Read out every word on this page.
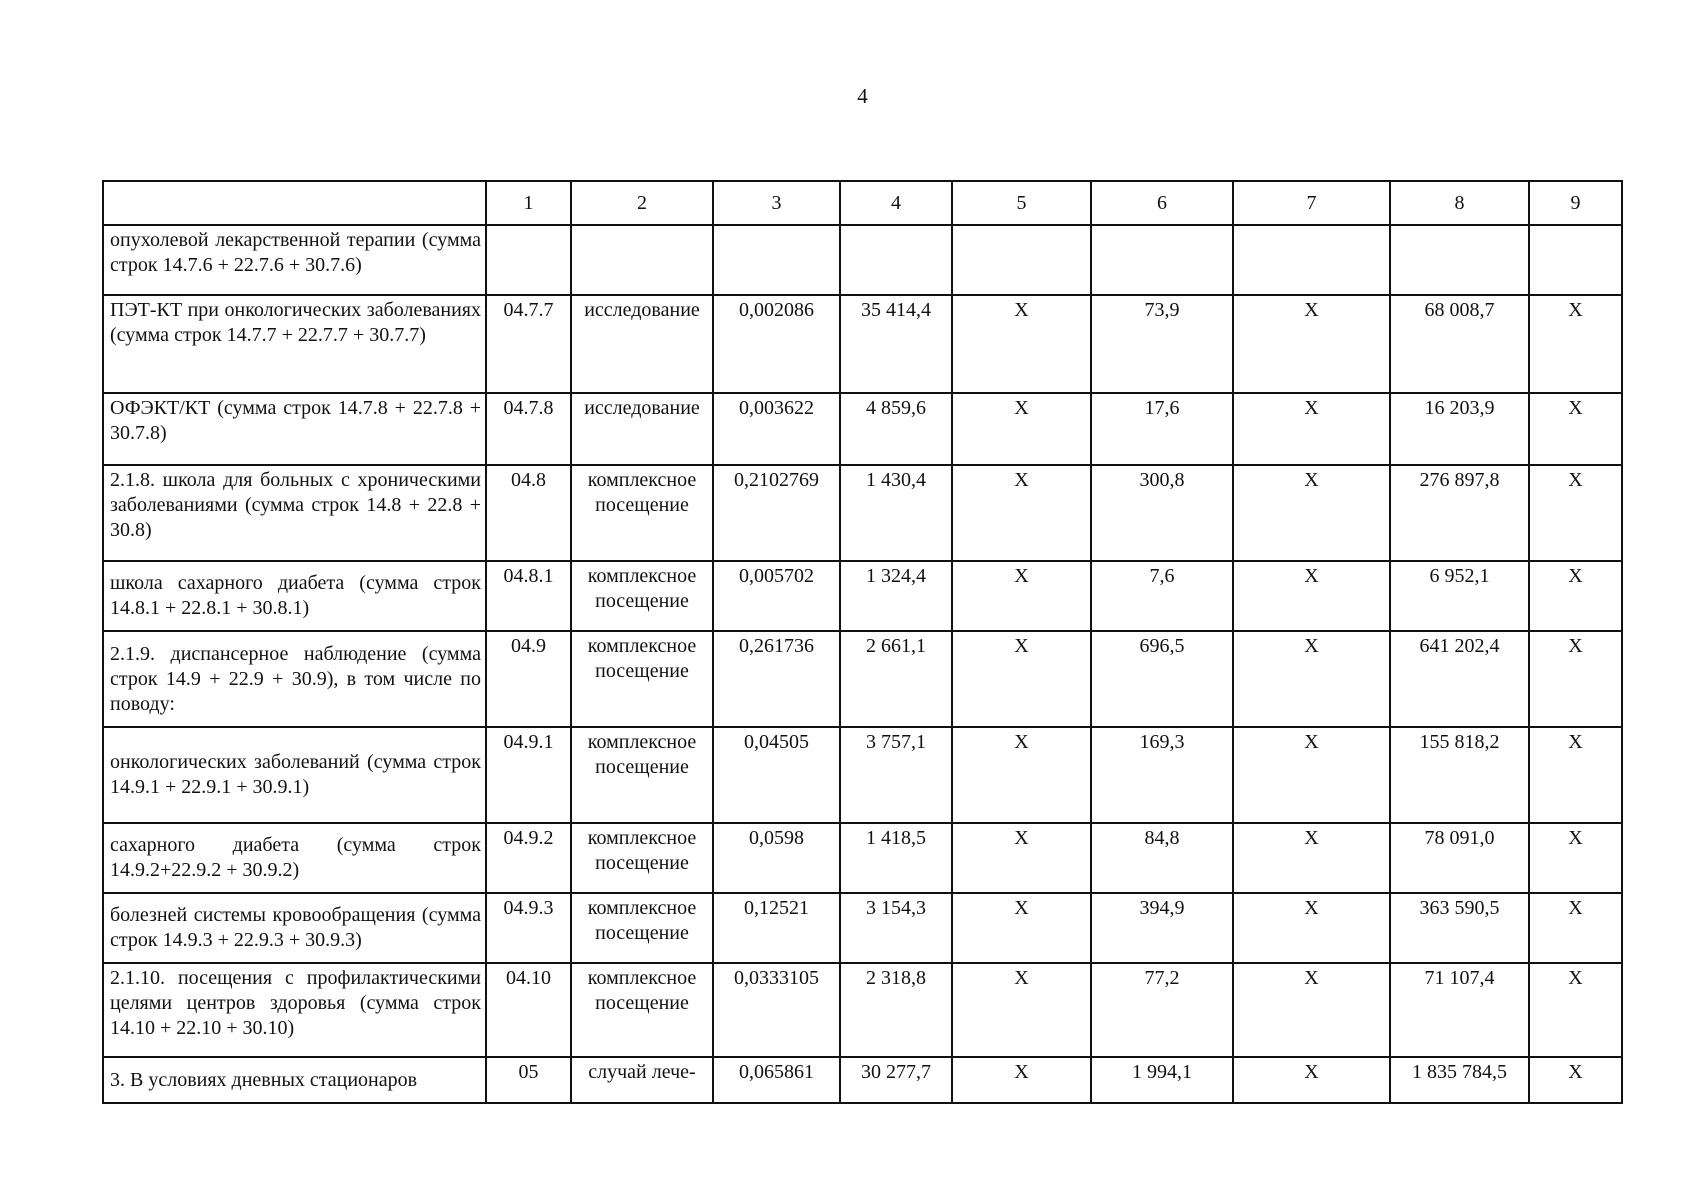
4
	1	2	3	4	5	6	7	8	9
опухолевой лекарственной терапии (сумма строк 14.7.6 + 22.7.6 + 30.7.6)									
ПЭТ-КТ при онкологических заболеваниях (сумма строк 14.7.7 + 22.7.7 + 30.7.7)	04.7.7	исследование	0,002086	35 414,4	X	73,9	X	68 008,7	X
ОФЭКТ/КТ (сумма строк 14.7.8 + 22.7.8 + 30.7.8)	04.7.8	исследование	0,003622	4 859,6	X	17,6	X	16 203,9	X
2.1.8. школа для больных с хроническими заболеваниями (сумма строк 14.8 + 22.8 + 30.8)	04.8	комплексное посещение	0,2102769	1 430,4	X	300,8	X	276 897,8	X
школа сахарного диабета (сумма строк 14.8.1 + 22.8.1 + 30.8.1)	04.8.1	комплексное посещение	0,005702	1 324,4	X	7,6	X	6 952,1	X
2.1.9. диспансерное наблюдение (сумма строк 14.9 + 22.9 + 30.9), в том числе по поводу:	04.9	комплексное посещение	0,261736	2 661,1	X	696,5	X	641 202,4	X
онкологических заболеваний (сумма строк 14.9.1 + 22.9.1 + 30.9.1)	04.9.1	комплексное посещение	0,04505	3 757,1	X	169,3	X	155 818,2	X
сахарного диабета (сумма строк 14.9.2+22.9.2 + 30.9.2)	04.9.2	комплексное посещение	0,0598	1 418,5	X	84,8	X	78 091,0	X
болезней системы кровообращения (сумма строк 14.9.3 + 22.9.3 + 30.9.3)	04.9.3	комплексное посещение	0,12521	3 154,3	X	394,9	X	363 590,5	X
2.1.10. посещения с профилактическими целями центров здоровья (сумма строк 14.10 + 22.10 + 30.10)	04.10	комплексное посещение	0,0333105	2 318,8	X	77,2	X	71 107,4	X
3. В условиях дневных стационаров	05	случай лече-	0,065861	30 277,7	X	1 994,1	X	1 835 784,5	X
